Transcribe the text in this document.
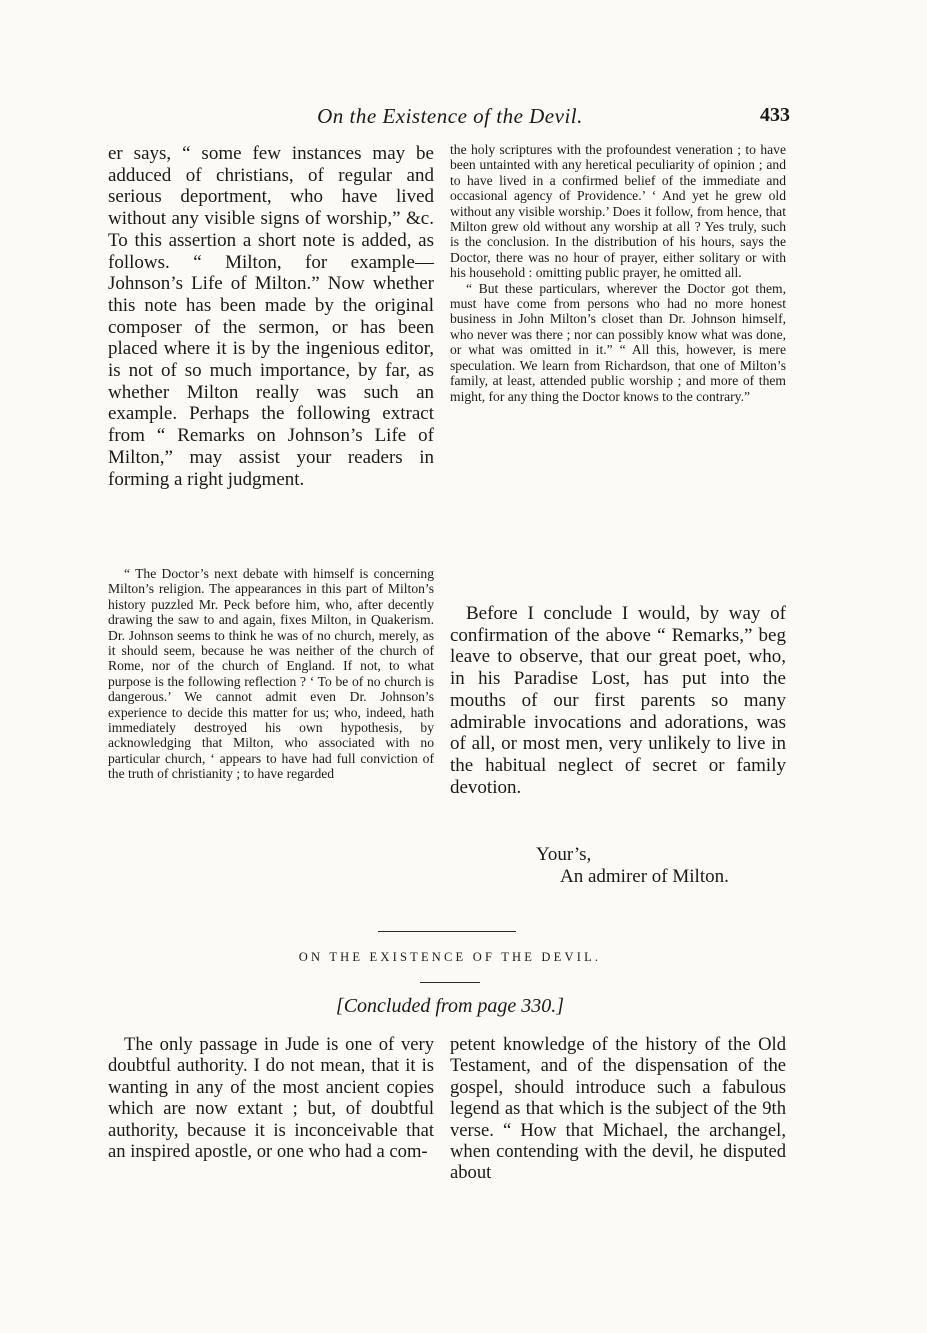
On the Existence of the Devil.	433

er says, “ some few instances may be adduced of christians, of regular and serious deportment, who have lived without any visible signs of worship,” &c. To this assertion a short note is added, as follows. “ Milton, for example—Johnson’s Life of Milton.” Now whether this note has been made by the original composer of the sermon, or has been placed where it is by the ingenious editor, is not of so much importance, by far, as whether Milton really was such an example. Perhaps the following extract from “ Remarks on Johnson’s Life of Milton,” may assist your readers in forming a right judgment.

“ The Doctor’s next debate with himself is concerning Milton’s religion. The appearances in this part of Milton’s history puzzled Mr. Peck before him, who, after decently drawing the saw to and again, fixes Milton, in Quakerism. Dr. Johnson seems to think he was of no church, merely, as it should seem, because he was neither of the church of Rome, nor of the church of England. If not, to what purpose is the following reflection ? ‘ To be of no church is dangerous.’ We cannot admit even Dr. Johnson’s experience to decide this matter for us; who, indeed, hath immediately destroyed his own hypothesis, by acknowledging that Milton, who associated with no particular church, ‘ appears to have had full conviction of the truth of christianity ; to have regarded

the holy scriptures with the profoundest veneration ; to have been untainted with any heretical peculiarity of opinion ; and to have lived in a confirmed belief of the immediate and occasional agency of Providence.’ ‘ And yet he grew old without any visible worship.’ Does it follow, from hence, that Milton grew old without any worship at all ? Yes truly, such is the conclusion. In the distribution of his hours, says the Doctor, there was no hour of prayer, either solitary or with his household : omitting public prayer, he omitted all.

“ But these particulars, wherever the Doctor got them, must have come from persons who had no more honest business in John Milton’s closet than Dr. Johnson himself, who never was there ; nor can possibly know what was done, or what was omitted in it.” “ All this, however, is mere speculation. We learn from Richardson, that one of Milton’s family, at least, attended public worship ; and more of them might, for any thing the Doctor knows to the contrary.”

Before I conclude I would, by way of confirmation of the above “ Remarks,” beg leave to observe, that our great poet, who, in his Paradise Lost, has put into the mouths of our first parents so many admirable invocations and adorations, was of all, or most men, very unlikely to live in the habitual neglect of secret or family devotion.

Your’s,
An admirer of Milton.
ON THE EXISTENCE OF THE DEVIL.
[Concluded from page 330.]

The only passage in Jude is one of very doubtful authority. I do not mean, that it is wanting in any of the most ancient copies which are now extant ; but, of doubtful authority, because it is inconceivable that an inspired apostle, or one who had a com-

petent knowledge of the history of the Old Testament, and of the dispensation of the gospel, should introduce such a fabulous legend as that which is the subject of the 9th verse. “ How that Michael, the archangel, when contending with the devil, he disputed about
